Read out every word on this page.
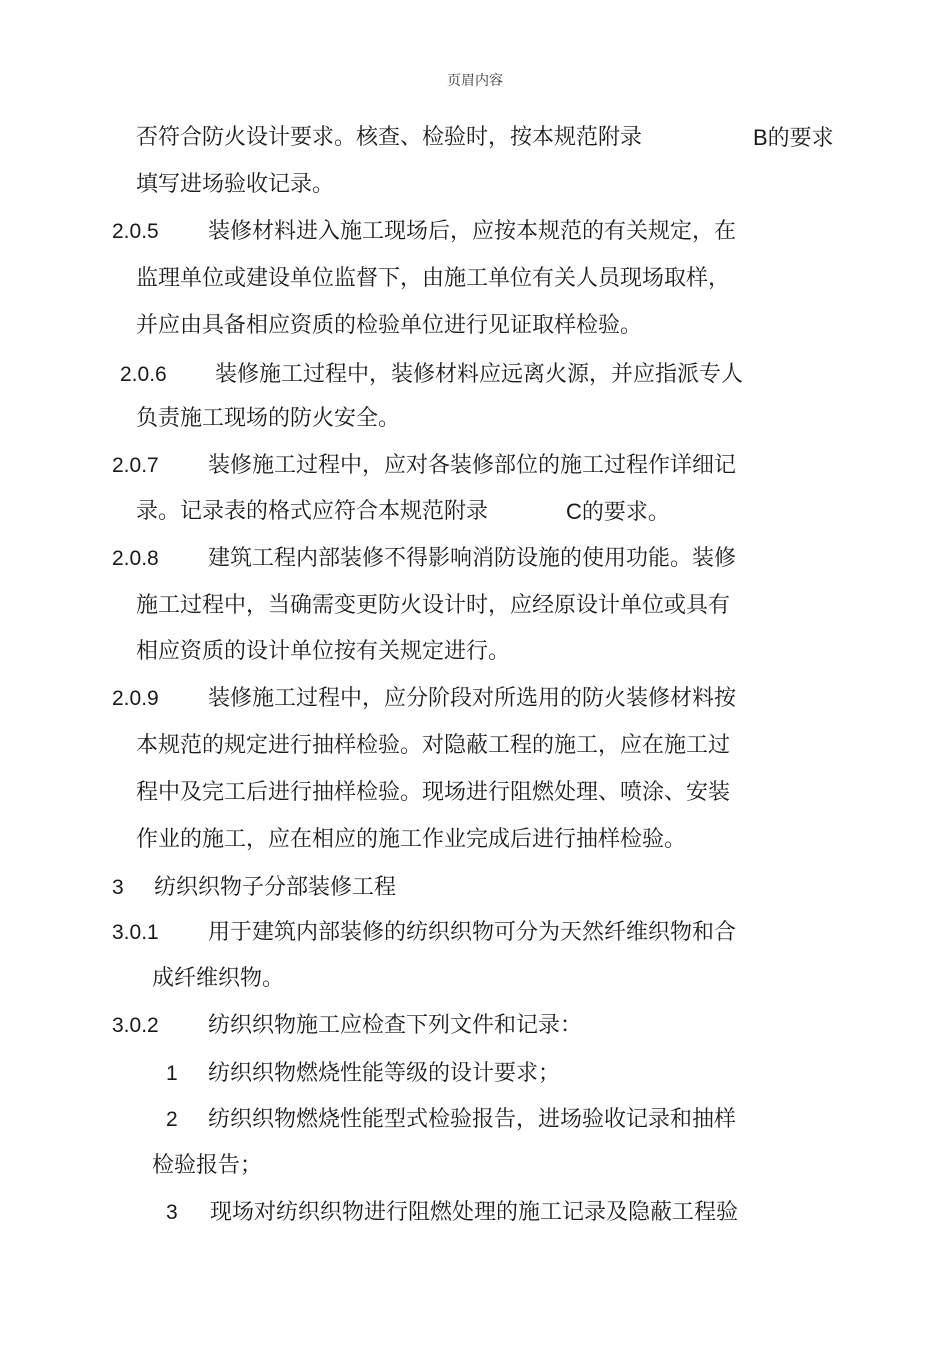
页眉内容
否符合防火设计要求。核查、检验时，按本规范附录	B的要求
填写进场验收记录。
2.0.5 装修材料进入施工现场后，应按本规范的有关规定，在
监理单位或建设单位监督下，由施工单位有关人员现场取样，
并应由具备相应资质的检验单位进行见证取样检验。
2.0.6 装修施工过程中，装修材料应远离火源，并应指派专人
负责施工现场的防火安全。
2.0.7 装修施工过程中，应对各装修部位的施工过程作详细记
录。记录表的格式应符合本规范附录	C的要求。
2.0.8 建筑工程内部装修不得影响消防设施的使用功能。装修
施工过程中，当确需变更防火设计时，应经原设计单位或具有
相应资质的设计单位按有关规定进行。
2.0.9 装修施工过程中，应分阶段对所选用的防火装修材料按
本规范的规定进行抽样检验。对隐蔽工程的施工，应在施工过
程中及完工后进行抽样检验。现场进行阻燃处理、喷涂、安装
作业的施工，应在相应的施工作业完成后进行抽样检验。
3 纺织织物子分部装修工程
3.0.1 用于建筑内部装修的纺织织物可分为天然纤维织物和合
成纤维织物。
3.0.2 纺织织物施工应检查下列文件和记录：
1 纺织织物燃烧性能等级的设计要求；
2 纺织织物燃烧性能型式检验报告，进场验收记录和抽样
检验报告；
3 现场对纺织织物进行阻燃处理的施工记录及隐蔽工程验
